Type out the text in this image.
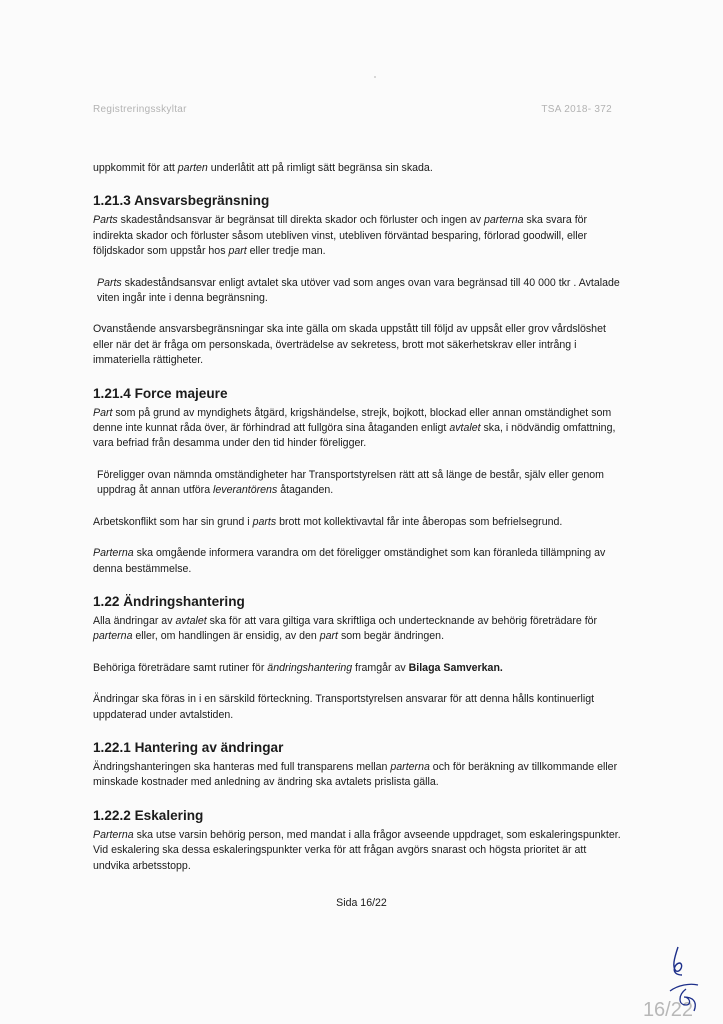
Registreringsskyltar	TSA 2018- 372

uppkommit för att parten underlåtit att på rimligt sätt begränsa sin skada.

1.21.3 Ansvarsbegränsning

Parts skadeståndsansvar är begränsat till direkta skador och förluster och ingen av parterna ska svara för indirekta skador och förluster såsom utebliven vinst, utebliven förväntad besparing, förlorad goodwill, eller följdskador som uppstår hos part eller tredje man.

Parts skadeståndsansvar enligt avtalet ska utöver vad som anges ovan vara begränsad till 40 000 tkr . Avtalade viten ingår inte i denna begränsning.

Ovanstående ansvarsbegränsningar ska inte gälla om skada uppstått till följd av uppsåt eller grov vårdslöshet eller när det är fråga om personskada, överträdelse av sekretess, brott mot säkerhetskrav eller intrång i immateriella rättigheter.

1.21.4 Force majeure

Part som på grund av myndighets åtgärd, krigshändelse, strejk, bojkott, blockad eller annan omständighet som denne inte kunnat råda över, är förhindrad att fullgöra sina åtaganden enligt avtalet ska, i nödvändig omfattning, vara befriad från desamma under den tid hinder föreligger.

Föreligger ovan nämnda omständigheter har Transportstyrelsen rätt att så länge de består, själv eller genom uppdrag åt annan utföra leverantörens åtaganden.

Arbetskonflikt som har sin grund i parts brott mot kollektivavtal får inte åberopas som befrielsegrund.

Parterna ska omgående informera varandra om det föreligger omständighet som kan föranleda tillämpning av denna bestämmelse.

1.22 Ändringshantering

Alla ändringar av avtalet ska för att vara giltiga vara skriftliga och undertecknande av behörig företrädare för parterna eller, om handlingen är ensidig, av den part som begär ändringen.

Behöriga företrädare samt rutiner för ändringshantering framgår av Bilaga Samverkan.

Ändringar ska föras in i en särskild förteckning. Transportstyrelsen ansvarar för att denna hålls kontinuerligt uppdaterad under avtalstiden.

1.22.1 Hantering av ändringar

Ändringshanteringen ska hanteras med full transparens mellan parterna och för beräkning av tillkommande eller minskade kostnader med anledning av ändring ska avtalets prislista gälla.

1.22.2 Eskalering

Parterna ska utse varsin behörig person, med mandat i alla frågor avseende uppdraget, som eskaleringspunkter. Vid eskalering ska dessa eskaleringspunkter verka för att frågan avgörs snarast och högsta prioritet är att undvika arbetsstopp.

Sida 16/22
16/22
